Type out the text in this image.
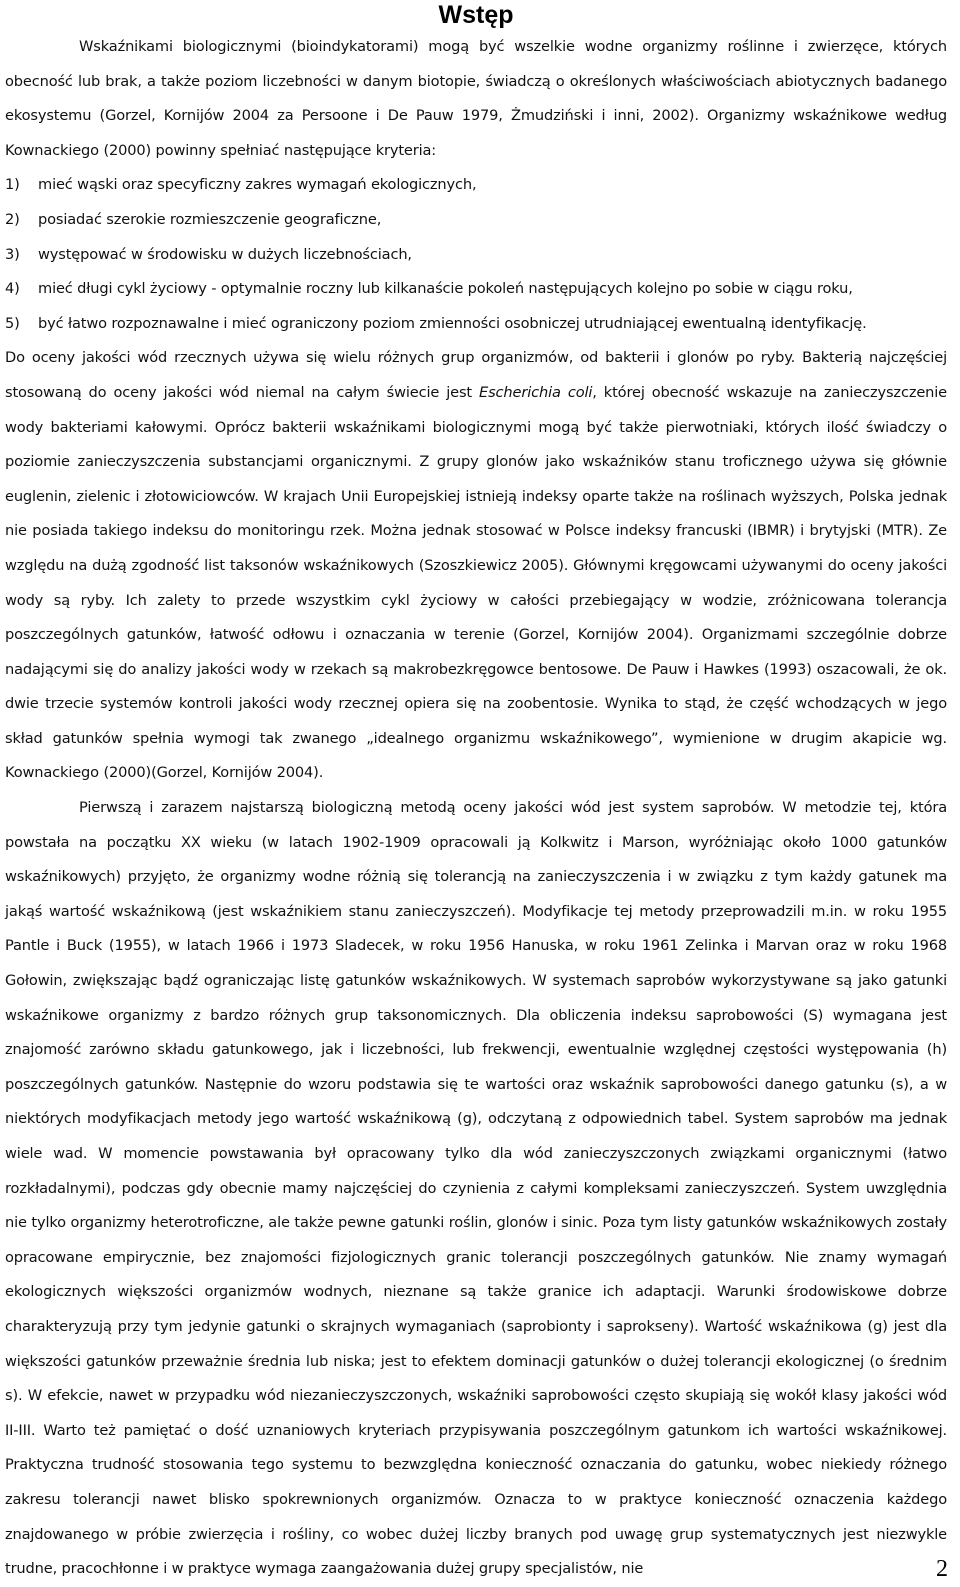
Wstęp

Wskaźnikami biologicznymi (bioindykatorami) mogą być wszelkie wodne organizmy roślinne i zwierzęce, których obecność lub brak, a także poziom liczebności w danym biotopie, świadczą o określonych właściwościach abiotycznych badanego ekosystemu (Gorzel, Kornijów 2004 za Persoone i De Pauw 1979, Żmudziński i inni, 2002). Organizmy wskaźnikowe według Kownackiego (2000) powinny spełniać następujące kryteria:

1) mieć wąski oraz specyficzny zakres wymagań ekologicznych,
2) posiadać szerokie rozmieszczenie geograficzne,
3) występować w środowisku w dużych liczebnościach,
4) mieć długi cykl życiowy - optymalnie roczny lub kilkanaście pokoleń następujących kolejno po sobie w ciągu roku,
5) być łatwo rozpoznawalne i mieć ograniczony poziom zmienności osobniczej utrudniającej ewentualną identyfikację.

Do oceny jakości wód rzecznych używa się wielu różnych grup organizmów, od bakterii i glonów po ryby. Bakterią najczęściej stosowaną do oceny jakości wód niemal na całym świecie jest Escherichia coli, której obecność wskazuje na zanieczyszczenie wody bakteriami kałowymi. Oprócz bakterii wskaźnikami biologicznymi mogą być także pierwotniaki, których ilość świadczy o poziomie zanieczyszczenia substancjami organicznymi. Z grupy glonów jako wskaźników stanu troficznego używa się głównie euglenin, zielenic i złotowiciowców. W krajach Unii Europejskiej istnieją indeksy oparte także na roślinach wyższych, Polska jednak nie posiada takiego indeksu do monitoringu rzek. Można jednak stosować w Polsce indeksy francuski (IBMR) i brytyjski (MTR). Ze względu na dużą zgodność list taksonów wskaźnikowych (Szoszkiewicz 2005). Głównymi kręgowcami używanymi do oceny jakości wody są ryby. Ich zalety to przede wszystkim cykl życiowy w całości przebiegający w wodzie, zróżnicowana tolerancja poszczególnych gatunków, łatwość odłowu i oznaczania w terenie (Gorzel, Kornijów 2004). Organizmami szczególnie dobrze nadającymi się do analizy jakości wody w rzekach są makrobezkręgowce bentosowe. De Pauw i Hawkes (1993) oszacowali, że ok. dwie trzecie systemów kontroli jakości wody rzecznej opiera się na zoobentosie. Wynika to stąd, że część wchodzących w jego skład gatunków spełnia wymogi tak zwanego „idealnego organizmu wskaźnikowego”, wymienione w drugim akapicie wg. Kownackiego (2000)(Gorzel, Kornijów 2004).

Pierwszą i zarazem najstarszą biologiczną metodą oceny jakości wód jest system saprobów. W metodzie tej, która powstała na początku XX wieku (w latach 1902-1909 opracowali ją Kolkwitz i Marson, wyróżniając około 1000 gatunków wskaźnikowych) przyjęto, że organizmy wodne różnią się tolerancją na zanieczyszczenia i w związku z tym każdy gatunek ma jakąś wartość wskaźnikową (jest wskaźnikiem stanu zanieczyszczeń). Modyfikacje tej metody przeprowadzili m.in. w roku 1955 Pantle i Buck (1955), w latach 1966 i 1973 Sladecek, w roku 1956 Hanuska, w roku 1961 Zelinka i Marvan oraz w roku 1968 Gołowin, zwiększając bądź ograniczając listę gatunków wskaźnikowych. W systemach saprobów wykorzystywane są jako gatunki wskaźnikowe organizmy z bardzo różnych grup taksonomicznych. Dla obliczenia indeksu saprobowości (S) wymagana jest znajomość zarówno składu gatunkowego, jak i liczebności, lub frekwencji, ewentualnie względnej częstości występowania (h) poszczególnych gatunków. Następnie do wzoru podstawia się te wartości oraz wskaźnik saprobowości danego gatunku (s), a w niektórych modyfikacjach metody jego wartość wskaźnikową (g), odczytaną z odpowiednich tabel. System saprobów ma jednak wiele wad. W momencie powstawania był opracowany tylko dla wód zanieczyszczonych związkami organicznymi (łatwo rozkładalnymi), podczas gdy obecnie mamy najczęściej do czynienia z całymi kompleksami zanieczyszczeń. System uwzględnia nie tylko organizmy heterotroficzne, ale także pewne gatunki roślin, glonów i sinic. Poza tym listy gatunków wskaźnikowych zostały opracowane empirycznie, bez znajomości fizjologicznych granic tolerancji poszczególnych gatunków. Nie znamy wymagań ekologicznych większości organizmów wodnych, nieznane są także granice ich adaptacji. Warunki środowiskowe dobrze charakteryzują przy tym jedynie gatunki o skrajnych wymaganiach (saprobionty i saprokseny). Wartość wskaźnikowa (g) jest dla większości gatunków przeważnie średnia lub niska; jest to efektem dominacji gatunków o dużej tolerancji ekologicznej (o średnim s). W efekcie, nawet w przypadku wód niezanieczyszczonych, wskaźniki saprobowości często skupiają się wokół klasy jakości wód II-III. Warto też pamiętać o dość uznaniowych kryteriach przypisywania poszczególnym gatunkom ich wartości wskaźnikowej. Praktyczna trudność stosowania tego systemu to bezwzględna konieczność oznaczania do gatunku, wobec niekiedy różnego zakresu tolerancji nawet blisko spokrewnionych organizmów. Oznacza to w praktyce konieczność oznaczenia każdego znajdowanego w próbie zwierzęcia i rośliny, co wobec dużej liczby branych pod uwagę grup systematycznych jest niezwykle trudne, pracochłonne i w praktyce wymaga zaangażowania dużej grupy specjalistów, nie	2
